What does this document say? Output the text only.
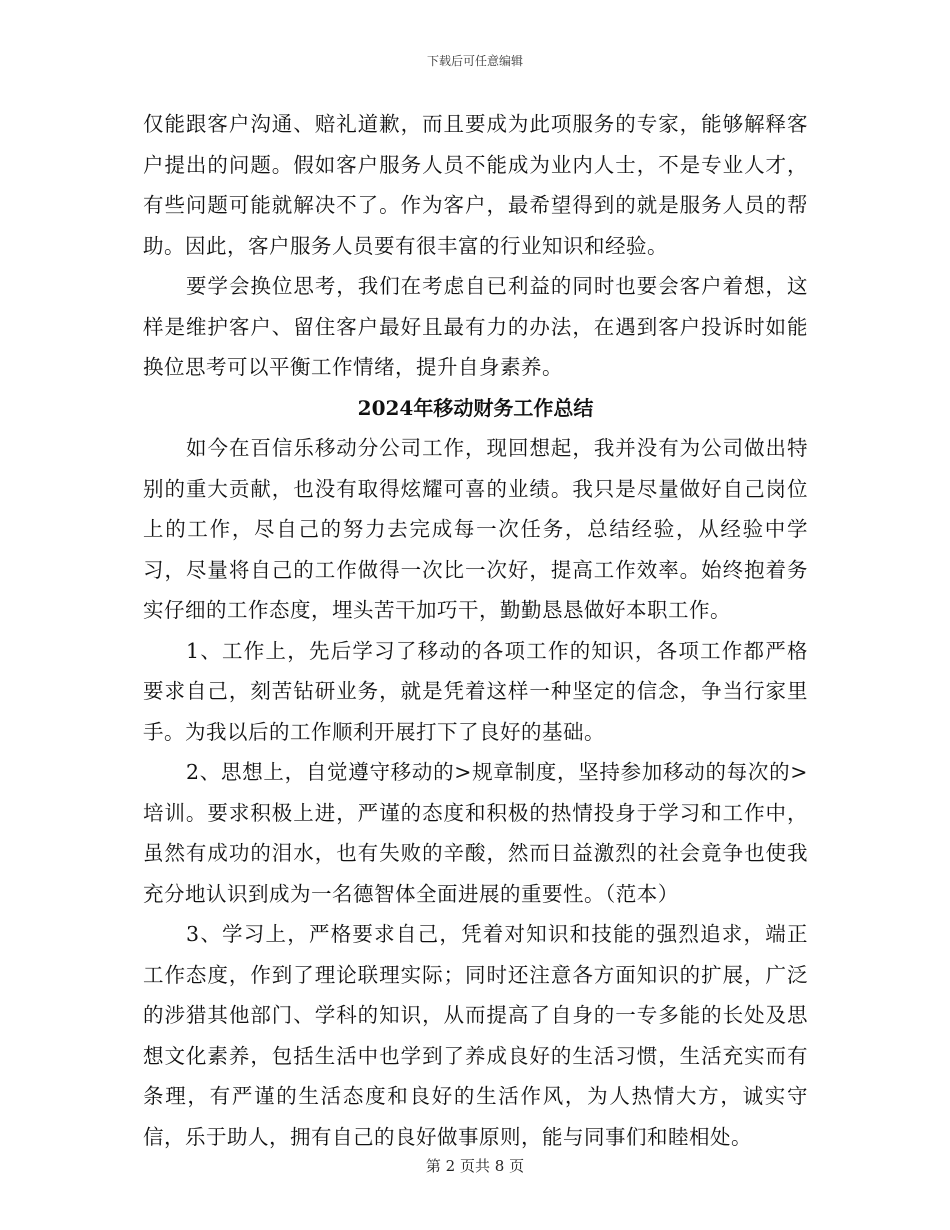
下载后可任意编辑

仅能跟客户沟通、赔礼道歉，而且要成为此项服务的专家，能够解释客户提出的问题。假如客户服务人员不能成为业内人士，不是专业人才，有些问题可能就解决不了。作为客户，最希望得到的就是服务人员的帮助。因此，客户服务人员要有很丰富的行业知识和经验。

要学会换位思考，我们在考虑自已利益的同时也要会客户着想，这样是维护客户、留住客户最好且最有力的办法，在遇到客户投诉时如能换位思考可以平衡工作情绪，提升自身素养。

2024年移动财务工作总结

如今在百信乐移动分公司工作，现回想起，我并没有为公司做出特别的重大贡献，也没有取得炫耀可喜的业绩。我只是尽量做好自己岗位上的工作，尽自己的努力去完成每一次任务，总结经验，从经验中学习，尽量将自己的工作做得一次比一次好，提高工作效率。始终抱着务实仔细的工作态度，埋头苦干加巧干，勤勤恳恳做好本职工作。

1、工作上，先后学习了移动的各项工作的知识，各项工作都严格要求自己，刻苦钻研业务，就是凭着这样一种坚定的信念，争当行家里手。为我以后的工作顺利开展打下了良好的基础。

2、思想上，自觉遵守移动的>规章制度，坚持参加移动的每次的>培训。要求积极上进，严谨的态度和积极的热情投身于学习和工作中，虽然有成功的泪水，也有失败的辛酸，然而日益激烈的社会竟争也使我充分地认识到成为一名德智体全面进展的重要性。（范本）

3、学习上，严格要求自己，凭着对知识和技能的强烈追求，端正工作态度，作到了理论联理实际；同时还注意各方面知识的扩展，广泛的涉猎其他部门、学科的知识，从而提高了自身的一专多能的长处及思想文化素养，包括生活中也学到了养成良好的生活习惯，生活充实而有条理，有严谨的生活态度和良好的生活作风，为人热情大方，诚实守信，乐于助人，拥有自己的良好做事原则，能与同事们和睦相处。

第 2 页共 8 页
